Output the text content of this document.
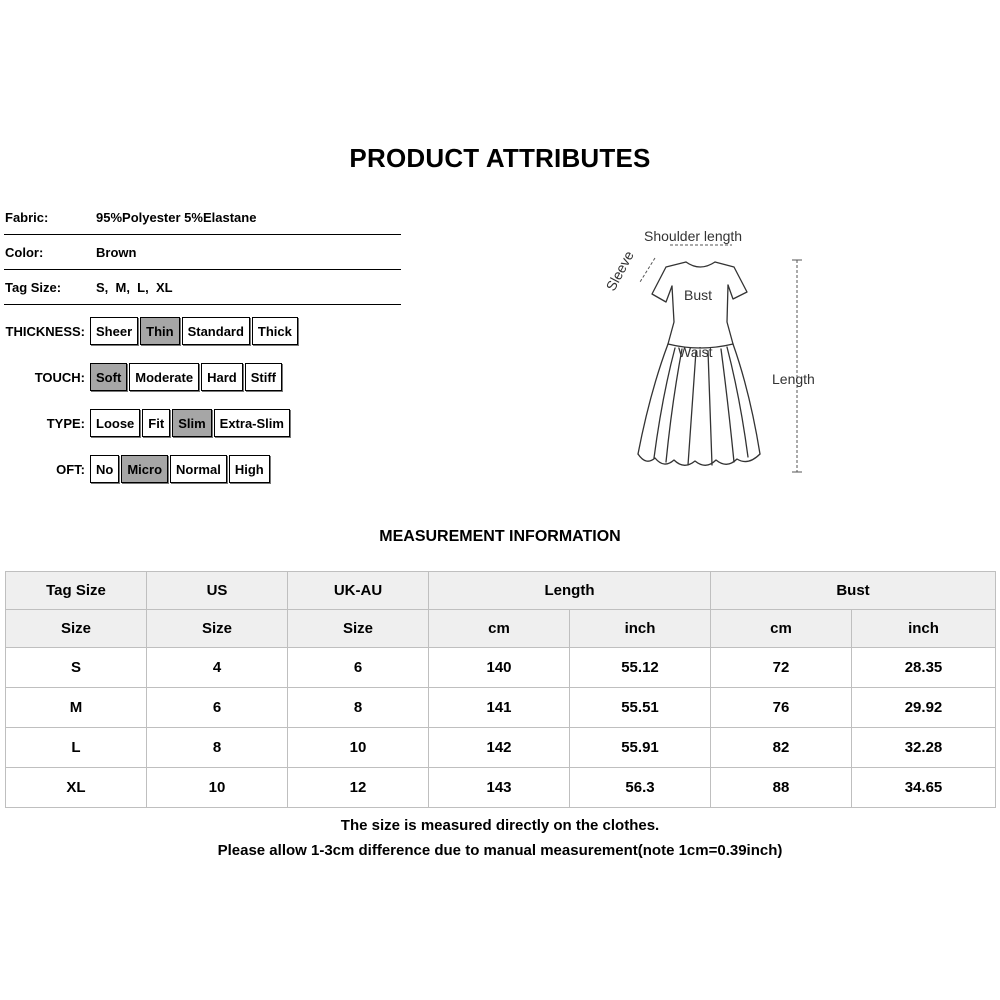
PRODUCT ATTRIBUTES
Fabric:	95%Polyester 5%Elastane
Color:	Brown
Tag Size:	S,  M,  L,  XL
THICKNESS: Sheer	Thin	Standard	Thick
TOUCH: Soft	Moderate	Hard	Stiff
TYPE: Loose	Fit	Slim	Extra-Slim
OFT: No	Micro	Normal	High
Shoulder length
Sleeve
Bust
Waist
Length
MEASUREMENT INFORMATION
Tag Size	US	UK-AU	Length		Bust	
Size	Size	Size	cm	inch	cm	inch
S	4	6	140	55.12	72	28.35
M	6	8	141	55.51	76	29.92
L	8	10	142	55.91	82	32.28
XL	10	12	143	56.3	88	34.65
The size is measured directly on the clothes.
Please allow 1-3cm difference due to manual measurement(note 1cm=0.39inch)
